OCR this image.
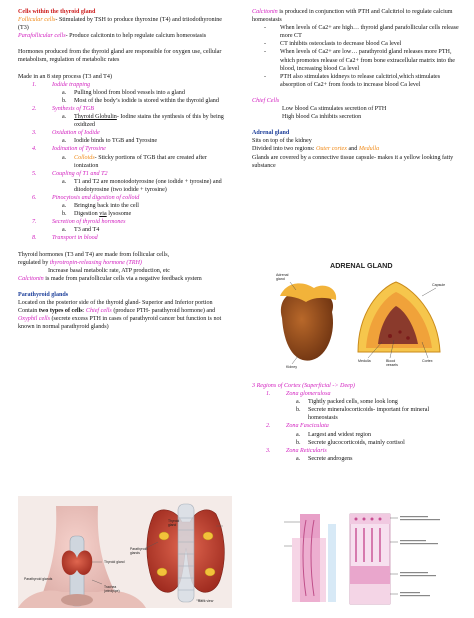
Cells within the thyroid gland

Follicular cells- Stimulated by TSH to produce thyroxine (T4) and triiodothyronine (T3)

Parafollicular cells- Produce calcitonin to help regulate calcium homeostasis

Hormones produced from the thyroid gland are responsible for oxygen use, cellular metabolism, regulation of metabolic rates

Made in an 8 step process (T3 and T4)

1.	Iodide trapping

a. Pulling blood from blood vessels into a gland

b. Most of the body’s iodide is stored within the thyroid gland

2.	Synthesis of TGB

a. Thyroid Globulin- Iodine stains the synthesis of this by being oxidized

3.	Oxidation of Iodide

a. Iodide binds to TGB and Tyrosine

4.	Iodination of Tyrosine

a. Colloids- Sticky portions of TGB that are created after ionization

5.	Coupling of T1 and T2

a. T1 and T2 are monoiodotyrosine (one iodide + tyrosine) and diiodotyrosine (two iodide + tyrosine)

6.	Pinocytosis and digestion of colloid

a. Bringing back into the cell

b. Digestion via lysosome

7.	Secretion of thyroid hormones

a. T3 and T4

8.	Transport in blood

Thyroid hormones (T3 and T4) are made from follicular cells,

regulated by thyrotropin-releasing hormone (TRH)

Increase basal metabolic rate, ATP production, etc

Calcitonin is made from parafollicular cells via a negative feedback system

Parathyroid glands

Located on the posterior side of the thyroid gland- Superior and Inferior portion

Contain two types of cells: Chief cells (produce PTH- parathyroid hormone) and Oxyphil cells (secrete excess PTH in cases of parathyroid cancer but function is not known in normal parathyroid glands)

Thyroid
gland
Parathyroid
glands
Parathyroid glands
Thyroid gland
Trachea
(windpipe)
Back view

Calcitonin is produced in conjunction with PTH and Calcitriol to regulate calcium homeostasis

- When levels of Ca2+ are high… thyroid gland parafollicular cells release more CT

- CT inhibits osteoclasts to decrease blood Ca level

- When levels of Ca2+ are low… parathyroid gland releases more PTH, which promotes release of Ca2+ from bone extracellular matrix into the blood, increasing blood Ca level

- PTH also stimulates kidneys to release calcitriol,which stimulates absorption of Ca2+ from foods to increase blood Ca level

Chief Cells

Low blood Ca stimulates secretion of PTH

High blood Ca inhibits secretion

Adrenal gland

Sits on top of the kidney

Divided into two regions: Outer cortex and Medulla

Glands are covered by a connective tissue capsule- makes it a yellow looking fatty substance

ADRENAL GLAND
Adrenal
gland
Capsule
Medulla	Blood
vessels
Cortex
Kidney

3 Regions of Cortex (Superficial -> Deep)

1.	Zona glomerulosa

a. Tightly packed cells, some look long

b. Secrete mineralocorticoids- important for mineral homeostasis

2.	Zona Fasciculata

a. Largest and widest region

b. Secrete glucocorticoids, mainly cortisol

3.	Zona Reticularis

a. Secrete androgens
